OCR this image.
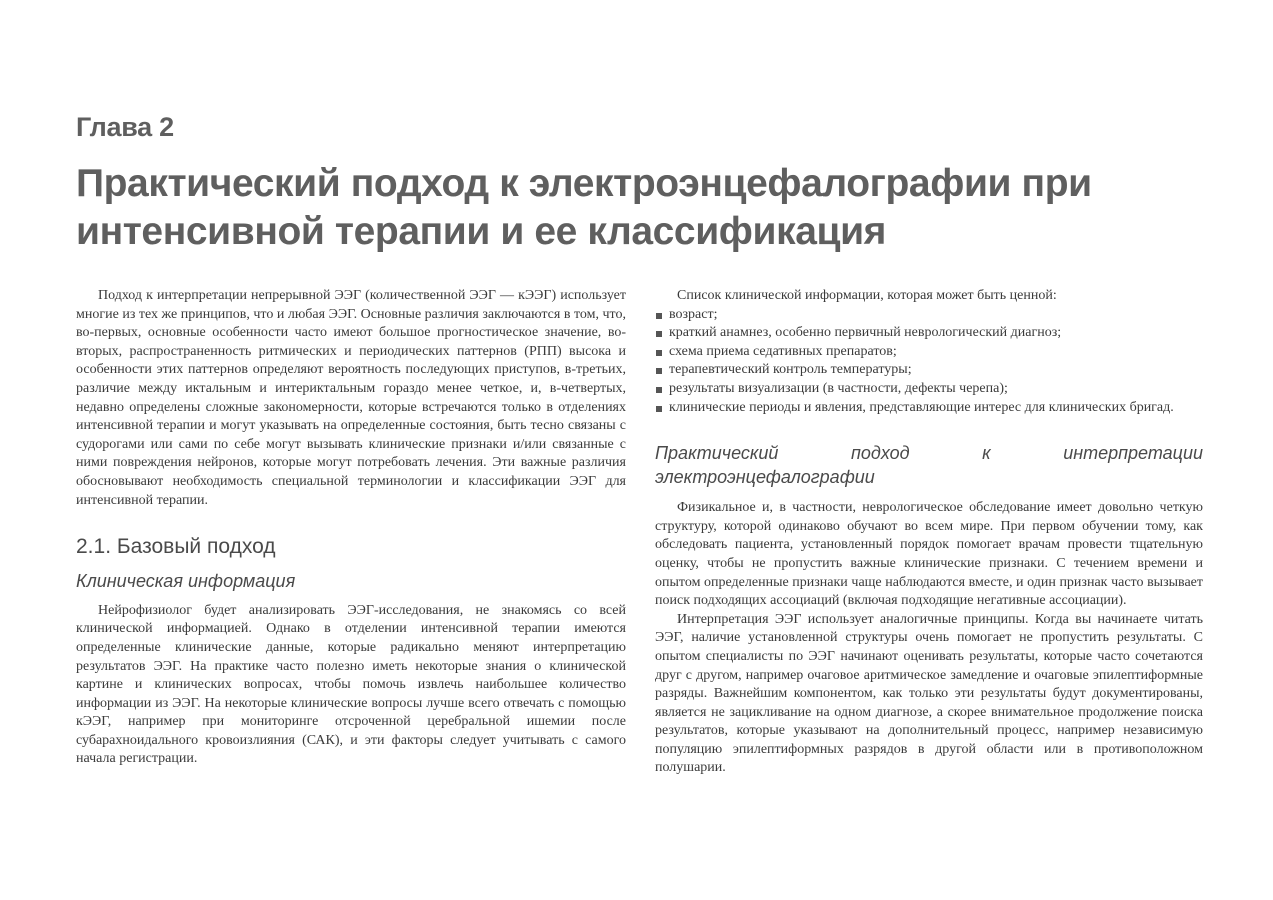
Глава 2
Практический подход к электроэнцефалографии при интенсивной терапии и ее классификация

Подход к интерпретации непрерывной ЭЭГ (количественной ЭЭГ — кЭЭГ) использует многие из тех же принципов, что и любая ЭЭГ. Основные различия заключаются в том, что, во-первых, основные особенности часто имеют большое прогностическое значение, во-вторых, распространенность ритмических и периодических паттернов (РПП) высока и особенности этих паттернов определяют вероятность последующих приступов, в-третьих, различие между иктальным и интериктальным гораздо менее четкое, и, в-четвертых, недавно определены сложные закономерности, которые встречаются только в отделениях интенсивной терапии и могут указывать на определенные состояния, быть тесно связаны с судорогами или сами по себе могут вызывать клинические признаки и/или связанные с ними повреждения нейронов, которые могут потребовать лечения. Эти важные различия обосновывают необходимость специальной терминологии и классификации ЭЭГ для интенсивной терапии.

2.1. Базовый подход
Клиническая информация

Нейрофизиолог будет анализировать ЭЭГ-исследования, не знакомясь со всей клинической информацией. Однако в отделении интенсивной терапии имеются определенные клинические данные, которые радикально меняют интерпретацию результатов ЭЭГ. На практике часто полезно иметь некоторые знания о клинической картине и клинических вопросах, чтобы помочь извлечь наибольшее количество информации из ЭЭГ. На некоторые клинические вопросы лучше всего отвечать с помощью кЭЭГ, например при мониторинге отсроченной церебральной ишемии после субарахноидального кровоизлияния (САК), и эти факторы следует учитывать с самого начала регистрации.

Список клинической информации, которая может быть ценной:

возраст;
краткий анамнез, особенно первичный неврологический диагноз;
схема приема седативных препаратов;
терапевтический контроль температуры;
результаты визуализации (в частности, дефекты черепа);
клинические периоды и явления, представляющие интерес для клинических бригад.
Практический подход к интерпретации электроэнцефалографии

Физикальное и, в частности, неврологическое обследование имеет довольно четкую структуру, которой одинаково обучают во всем мире. При первом обучении тому, как обследовать пациента, установленный порядок помогает врачам провести тщательную оценку, чтобы не пропустить важные клинические признаки. С течением времени и опытом определенные признаки чаще наблюдаются вместе, и один признак часто вызывает поиск подходящих ассоциаций (включая подходящие негативные ассоциации).

Интерпретация ЭЭГ использует аналогичные принципы. Когда вы начинаете читать ЭЭГ, наличие установленной структуры очень помогает не пропустить результаты. С опытом специалисты по ЭЭГ начинают оценивать результаты, которые часто сочетаются друг с другом, например очаговое аритмическое замедление и очаговые эпилептиформные разряды. Важнейшим компонентом, как только эти результаты будут документированы, является не зацикливание на одном диагнозе, а скорее внимательное продолжение поиска результатов, которые указывают на дополнительный процесс, например независимую популяцию эпилептиформных разрядов в другой области или в противоположном полушарии.
